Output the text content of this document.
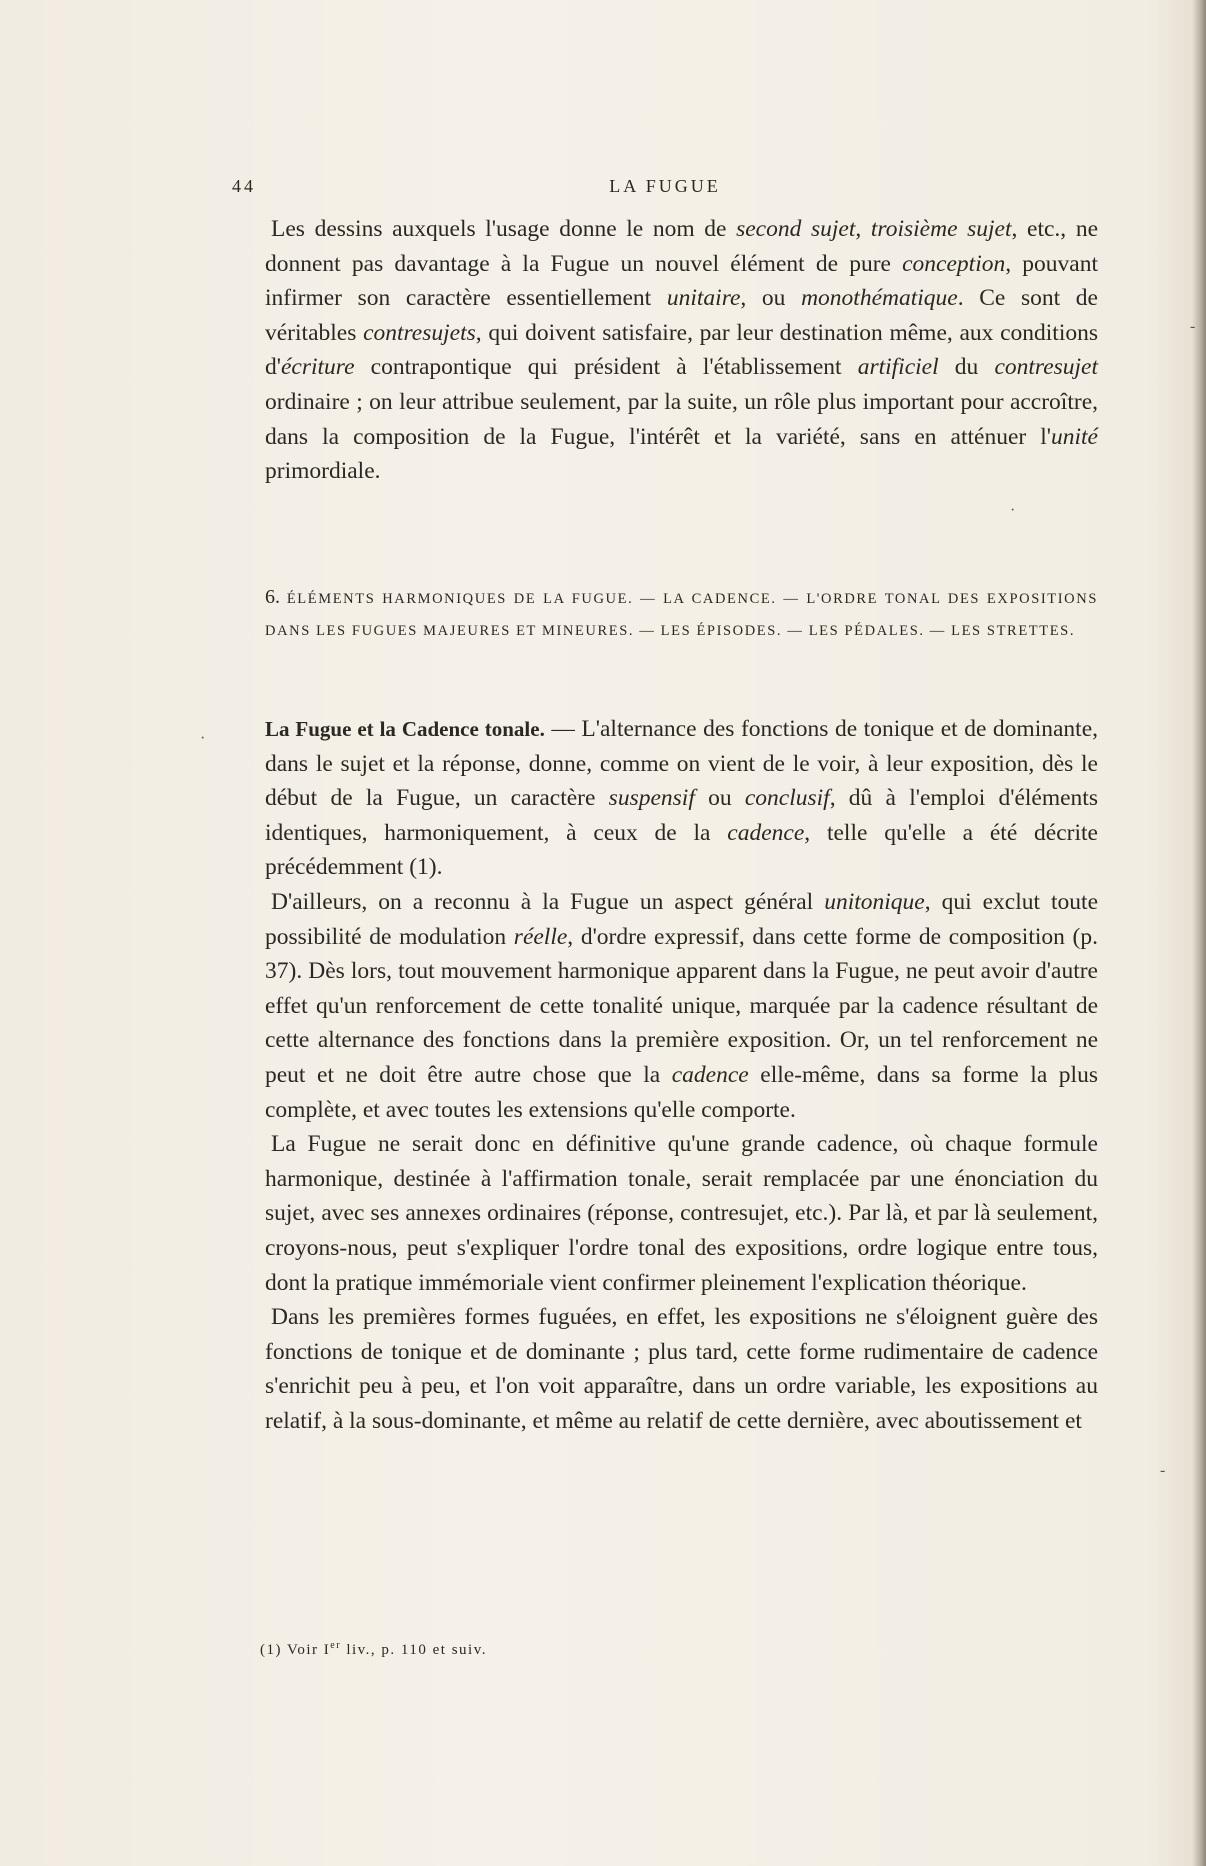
44	LA FUGUE

Les dessins auxquels l'usage donne le nom de second sujet, troisième sujet, etc., ne donnent pas davantage à la Fugue un nouvel élément de pure conception, pouvant infirmer son caractère essentiellement unitaire, ou monothématique. Ce sont de véritables contresujets, qui doivent satisfaire, par leur destination même, aux conditions d'écriture contrapontique qui président à l'établissement artificiel du contresujet ordinaire ; on leur attribue seulement, par la suite, un rôle plus important pour accroître, dans la composition de la Fugue, l'intérêt et la variété, sans en atténuer l'unité primordiale.

6. ÉLÉMENTS HARMONIQUES DE LA FUGUE. — LA CADENCE. — L'ORDRE TONAL DES EXPOSITIONS DANS LES FUGUES MAJEURES ET MINEURES. — LES ÉPISODES. — LES PÉDALES. — LES STRETTES.

La Fugue et la Cadence tonale. — L'alternance des fonctions de tonique et de dominante, dans le sujet et la réponse, donne, comme on vient de le voir, à leur exposition, dès le début de la Fugue, un caractère suspensif ou conclusif, dû à l'emploi d'éléments identiques, harmoniquement, à ceux de la cadence, telle qu'elle a été décrite précédemment (1).

D'ailleurs, on a reconnu à la Fugue un aspect général unitonique, qui exclut toute possibilité de modulation réelle, d'ordre expressif, dans cette forme de composition (p. 37). Dès lors, tout mouvement harmonique apparent dans la Fugue, ne peut avoir d'autre effet qu'un renforcement de cette tonalité unique, marquée par la cadence résultant de cette alternance des fonctions dans la première exposition. Or, un tel renforcement ne peut et ne doit être autre chose que la cadence elle-même, dans sa forme la plus complète, et avec toutes les extensions qu'elle comporte.

La Fugue ne serait donc en définitive qu'une grande cadence, où chaque formule harmonique, destinée à l'affirmation tonale, serait remplacée par une énonciation du sujet, avec ses annexes ordinaires (réponse, contresujet, etc.). Par là, et par là seulement, croyons-nous, peut s'expliquer l'ordre tonal des expositions, ordre logique entre tous, dont la pratique immémoriale vient confirmer pleinement l'explication théorique.

Dans les premières formes fuguées, en effet, les expositions ne s'éloignent guère des fonctions de tonique et de dominante ; plus tard, cette forme rudimentaire de cadence s'enrichit peu à peu, et l'on voit apparaître, dans un ordre variable, les expositions au relatif, à la sous-dominante, et même au relatif de cette dernière, avec aboutissement et

(1) Voir Ier liv., p. 110 et suiv.
·
·
-
-
